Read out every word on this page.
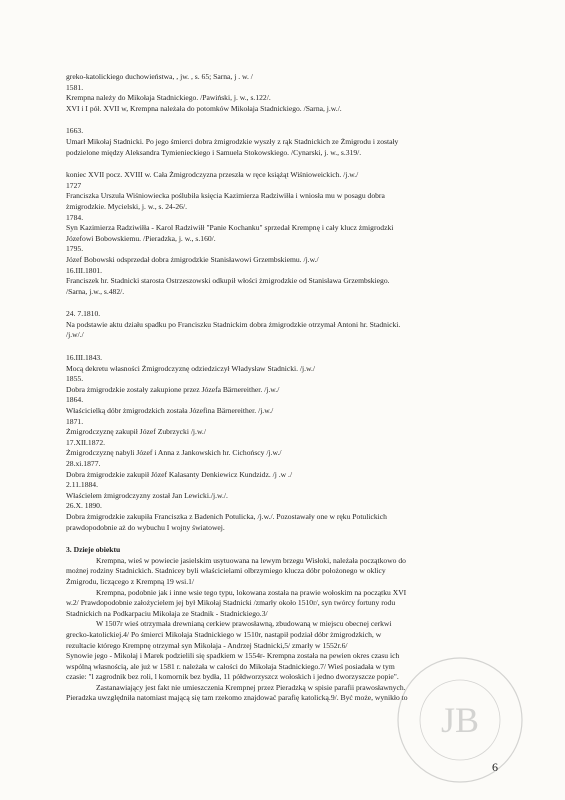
greko-katolickiego duchowieństwa, , jw. , s. 65; Sarna, j . w. /
1581.
Krempna należy do Mikołaja Stadnickiego. /Pawiński, j. w., s.122/.
XVI i I pół. XVII w, Krempna należała do potomków Mikołaja Stadnickiego. /Sarna, j.w./.
1663.
Umarł Mikołaj Stadnicki. Po jego śmierci dobra żmigrodzkie wyszły z rąk Stadnickich ze Żmigrodu i zostały
podzielone między Aleksandra Tymienieckiego i Samuela Stokowskiego. /Cynarski, j. w., s.319/.
koniec XVII pocz. XVIII w. Cała Żmigrodczyzna przeszła w ręce książąt Wiśnioweickich. /j.w./
1727
Franciszka Urszula Wiśniowiecka poślubiła księcia Kazimierza Radziwiłła i wniosła mu w posagu dobra
żmigrodzkie. Mycielski, j. w., s. 24-26/.
1784.
Syn Kazimierza Radziwiłła - Karol Radziwiłł "Panie Kochanku" sprzedał Krempnę i cały klucz żmigrodzki
Józefowi Bobowskiemu. /Pieradzka, j. w., s.160/.
1795.
Józef Bobowski odsprzedał dobra żmigrodzkie Stanisławowi Grzembskiemu. /j.w./
16.III.1801.
Franciszek hr. Stadnicki starosta Ostrzeszowski odkupił włości żmigrodzkie od Stanisława Grzembskiego.
/Sarna, j.w., s.482/.
24. 7.1810.
Na podstawie aktu działu spadku po Franciszku Stadnickim dobra żmigrodzkie otrzymał Antoni hr. Stadnicki.
/j.w/./
16.III.1843.
Mocą dekretu własności Żmigrodczyznę odziedziczył Władysław Stadnicki. /j.w./
1855.
Dobra żmigrodzkie zostały zakupione przez Józefa Bärnereither. /j.w./
1864.
Właścicielką dóbr żmigrodzkich została Józefina Bärnereither. /j.w./
1871.
Żmigrodczyznę zakupił Józef Zubrzycki /j.w./
17.XII.1872.
Żmigrodczyznę nabyli Józef i Anna z Jankowskich hr. Cichońscy /j.w./
28.xi.1877.
Dobra żmigrodzkie zakupił Józef Kalasanty Denkiewicz Kundzidz. /j .w ./
2.11.1884.
Właścielem żmigrodczyzny został Jan Lewicki./j.w./.
26.X. 1890.
Dobra żmigrodzkie zakupiła Franciszka z Badenich Potulicka, /j.w./. Pozostawały one w ręku Potulickich
prawdopodobnie aż do wybuchu I wojny światowej.
3. Dzieje obiektu
Krempna, wieś w powiecie jasielskim usytuowana na lewym brzegu Wisłoki, należała początkowo do
możnej rodziny Stadnickich. Stadnicey byli właścicielami olbrzymiego klucza dóbr położonego w oklicy
Żmigrodu, liczącego z Krempną 19 wsi.1/
Krempna, podobnie jak i inne wsie tego typu, lokowana została na prawie wołoskim na początku XVI
w.2/ Prawdopodobnie założycielem jej był Mikołaj Stadnicki /zmarły około 1510r/, syn twórcy fortuny rodu
Stadnickich na Podkarpaciu Mikołaja ze Stadnik - Stadnickiego.3/
W 1507r wieś otrzymała drewnianą cerkiew prawosławną, zbudowaną w miejscu obecnej cerkwi
grecko-katolickiej.4/ Po śmierci Mikołaja Stadnickiego w 1510r, nastąpił podział dóbr żmigrodzkich, w
rezultacie którego Krempnę otrzymał syn Mikołaja - Andrzej Stadnicki,5/ zmarły w 1552r.6/
Synowie jego - Mikołaj i Marek podzielili się spadkiem w 1554r- Krempna została na pewien okres czasu ich
wspólną własnością, ale już w 1581 r. należała w całości do Mikołaja Stadnickiego.7/ Wieś posiadała w tym
czasie: "l zagrodnik bez roli, l komornik bez bydła, 11 półdworzyszcz wołoskich i jedno dworzyszcze popie".
Zastanawiający jest fakt nie umieszczenia Krempnej przez Pieradzką w spisie parafii prawosławnych.
Pieradzka uwzględniła natomiast mającą się tam rzekomo znajdować parafię katolicką.9/. Być może, wynikło to
JB
6
